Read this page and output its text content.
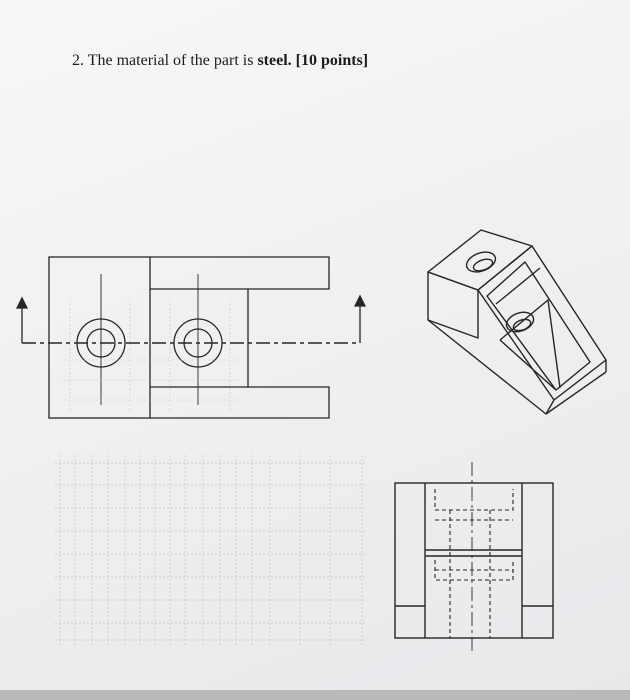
2. The material of the part is steel. [10 points]
